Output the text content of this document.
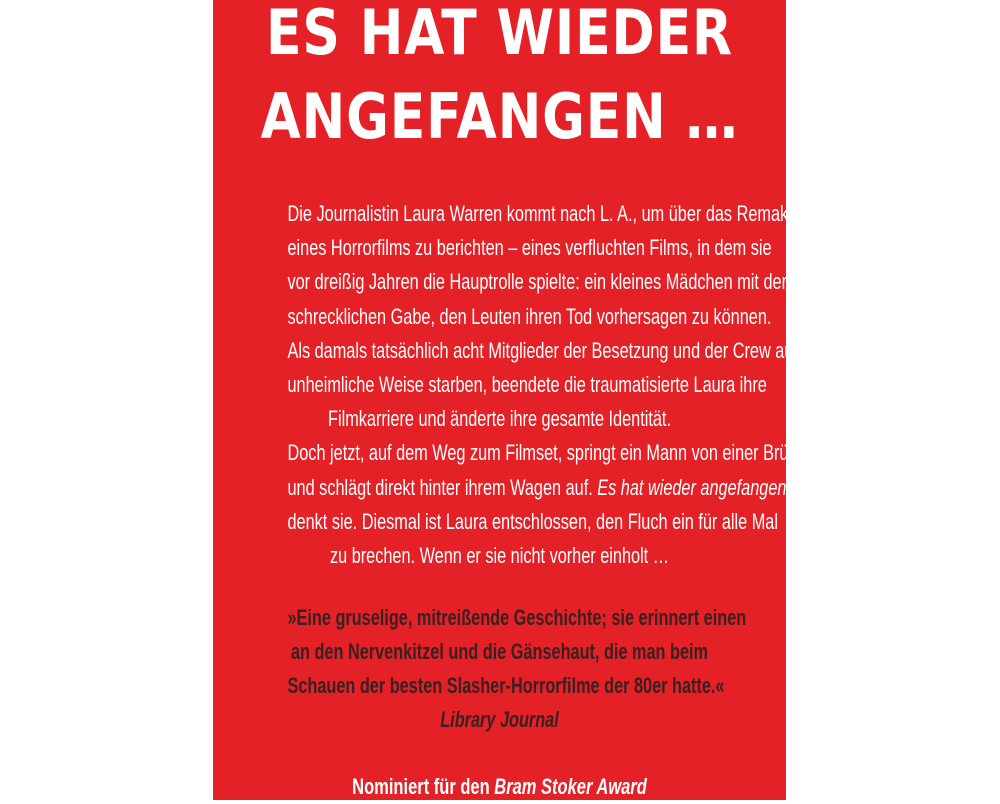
ES HAT WIEDER
ANGEFANGEN …
Die Journalistin Laura Warren kommt nach L. A., um über das Remake
eines Horrorfilms zu berichten – eines verfluchten Films, in dem sie
vor dreißig Jahren die Hauptrolle spielte: ein kleines Mädchen mit der
schrecklichen Gabe, den Leuten ihren Tod vorhersagen zu können.
Als damals tatsächlich acht Mitglieder der Besetzung und der Crew auf
unheimliche Weise starben, beendete die traumatisierte Laura ihre
Filmkarriere und änderte ihre gesamte Identität.
Doch jetzt, auf dem Weg zum Filmset, springt ein Mann von einer Brücke
und schlägt direkt hinter ihrem Wagen auf. Es hat wieder angefangen,
denkt sie. Diesmal ist Laura entschlossen, den Fluch ein für alle Mal
zu brechen. Wenn er sie nicht vorher einholt …
»Eine gruselige, mitreißende Geschichte; sie erinnert einen
an den Nervenkitzel und die Gänsehaut, die man beim
Schauen der besten Slasher-Horrorfilme der 80er hatte.«
Library Journal
Nominiert für den Bram Stoker Award
